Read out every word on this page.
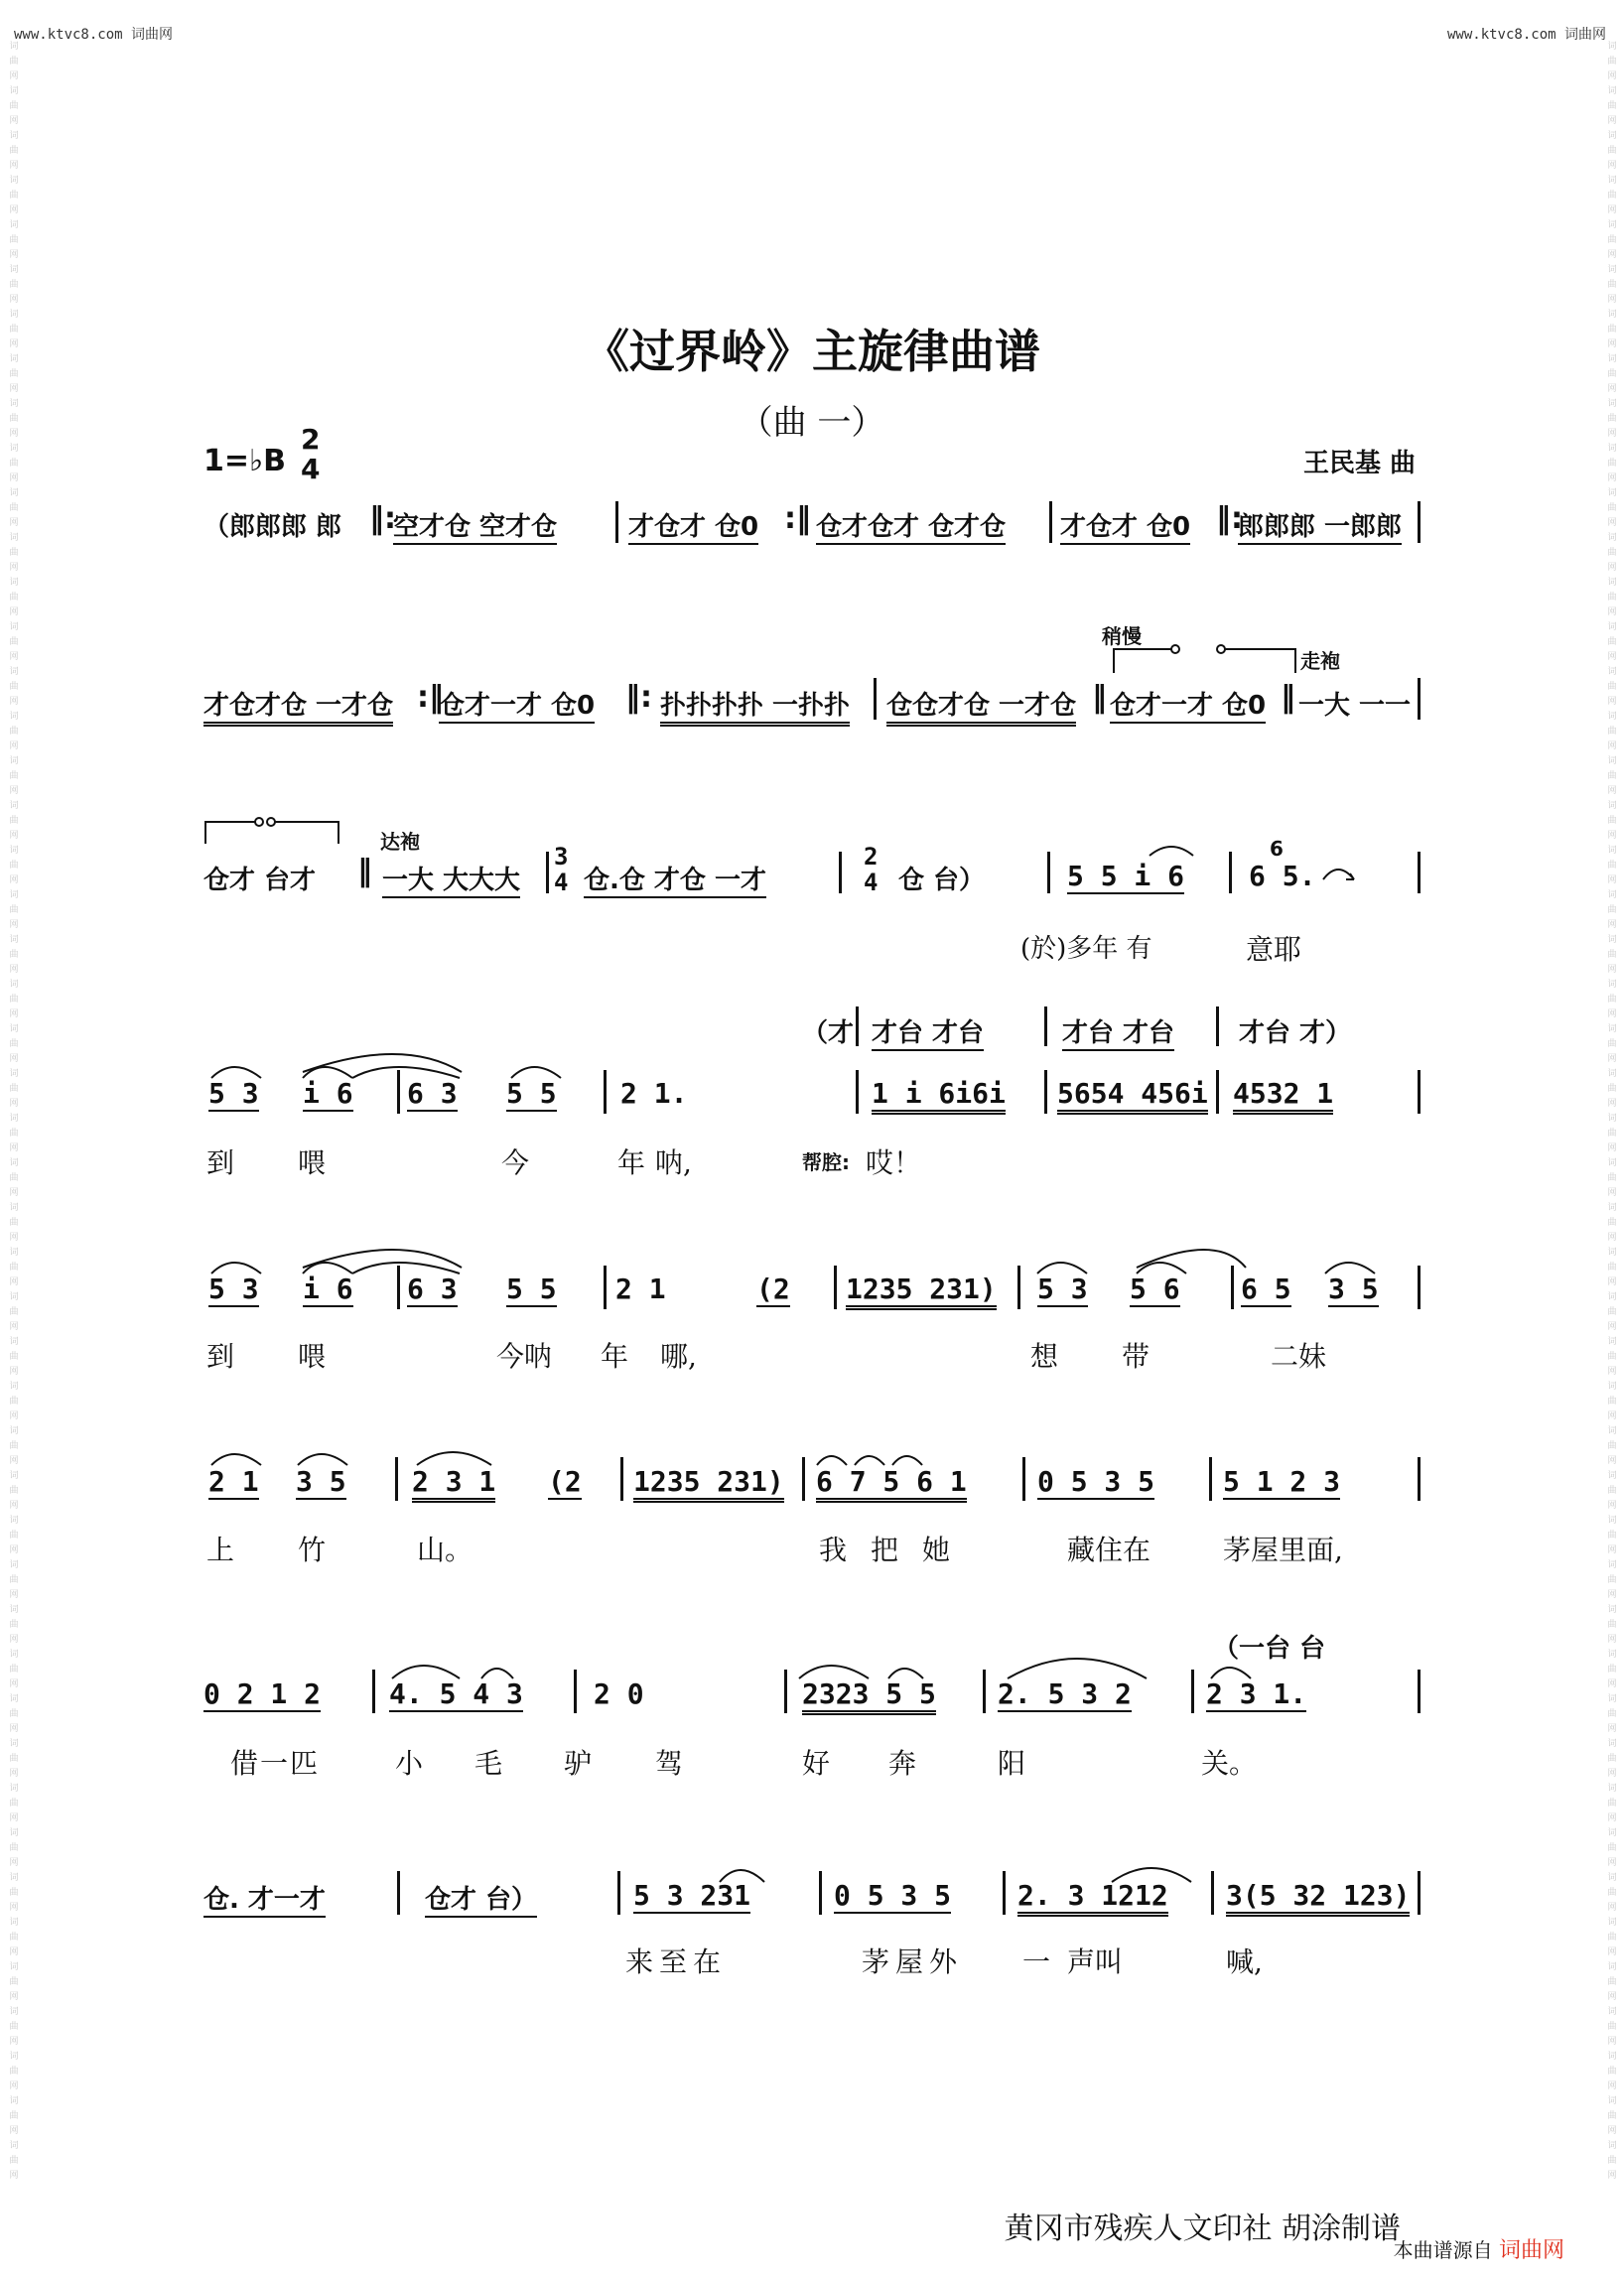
www.ktvc8.com 词曲网	www.ktvc8.com 词曲网
词曲网词曲网词曲网词曲网词曲网词曲网词曲网词曲网词曲网词曲网词曲网词曲网词曲网词曲网词曲网词曲网词曲网词曲网词曲网词曲网词曲网词曲网词曲网词曲网词曲网词曲网词曲网词曲网词曲网词曲网词曲网词曲网词曲网词曲网词曲网词曲网词曲网词曲网词曲网词曲网词曲网词曲网词曲网词曲网词曲网词曲网词曲网词曲网
词曲网词曲网词曲网词曲网词曲网词曲网词曲网词曲网词曲网词曲网词曲网词曲网词曲网词曲网词曲网词曲网词曲网词曲网词曲网词曲网词曲网词曲网词曲网词曲网词曲网词曲网词曲网词曲网词曲网词曲网词曲网词曲网词曲网词曲网词曲网词曲网词曲网词曲网词曲网词曲网词曲网词曲网词曲网词曲网词曲网词曲网词曲网词曲网
《过界岭》主旋律曲谱
（曲 一）
1=♭B
2
4	王民基 曲
（郎郎郎 郎 ‖:
空才仓 空才仓	才仓才 仓0 :‖ 仓才仓才 仓才仓 才仓才 仓0 ‖:
郎郎郎 一郎郎
稍慢
走袍
才仓才仓 一才仓 :‖
仓才一才 仓0 ‖: 扑扑扑扑 一扑扑 仓仓才仓 一才仓 ‖ 仓才一才 仓0 ‖ 一大 一一
达袍
仓才 台才 ‖ 一大 大大大
3
4 仓.仓 才仓 一才
2
4 仓 台）	5 5 i 6
6
6 5.
(於)多年 有	意耶
（才 才台 才台	才台 才台 才台 才）
5 3 i 6 6 3 5 5 2 1.	1 i 6i6i 5654 456i 4532 1
到 喂	今	年 呐,	帮腔: 哎！
5 3 i 6 6 3 5 5 2 1	(2 1235 231) 5 3 5 6 6 5 3 5
到 喂	今呐 年 哪,	想 带	二妹
2 1 3 5 2 3 1 (2 1235 231) 6 7 5 6 1	0 5 3 5 5 1 2 3
上 竹	山。	我把她	藏住在	茅屋里面,
（一台 台
0 2 1 2 4. 5 4 3	2 0	2323 5 5 2. 5 3 2	2 3 1.
借一匹	小 毛 驴 驾	好 奔	阳	关。
仓. 才一才	仓才 台）	5 3 231	0 5 3 5 2. 3 1212 3(5 32 123)
来至在	茅屋外 一 声叫	喊,
黄冈市残疾人文印社 胡涂制谱
本曲谱源自 词曲网
